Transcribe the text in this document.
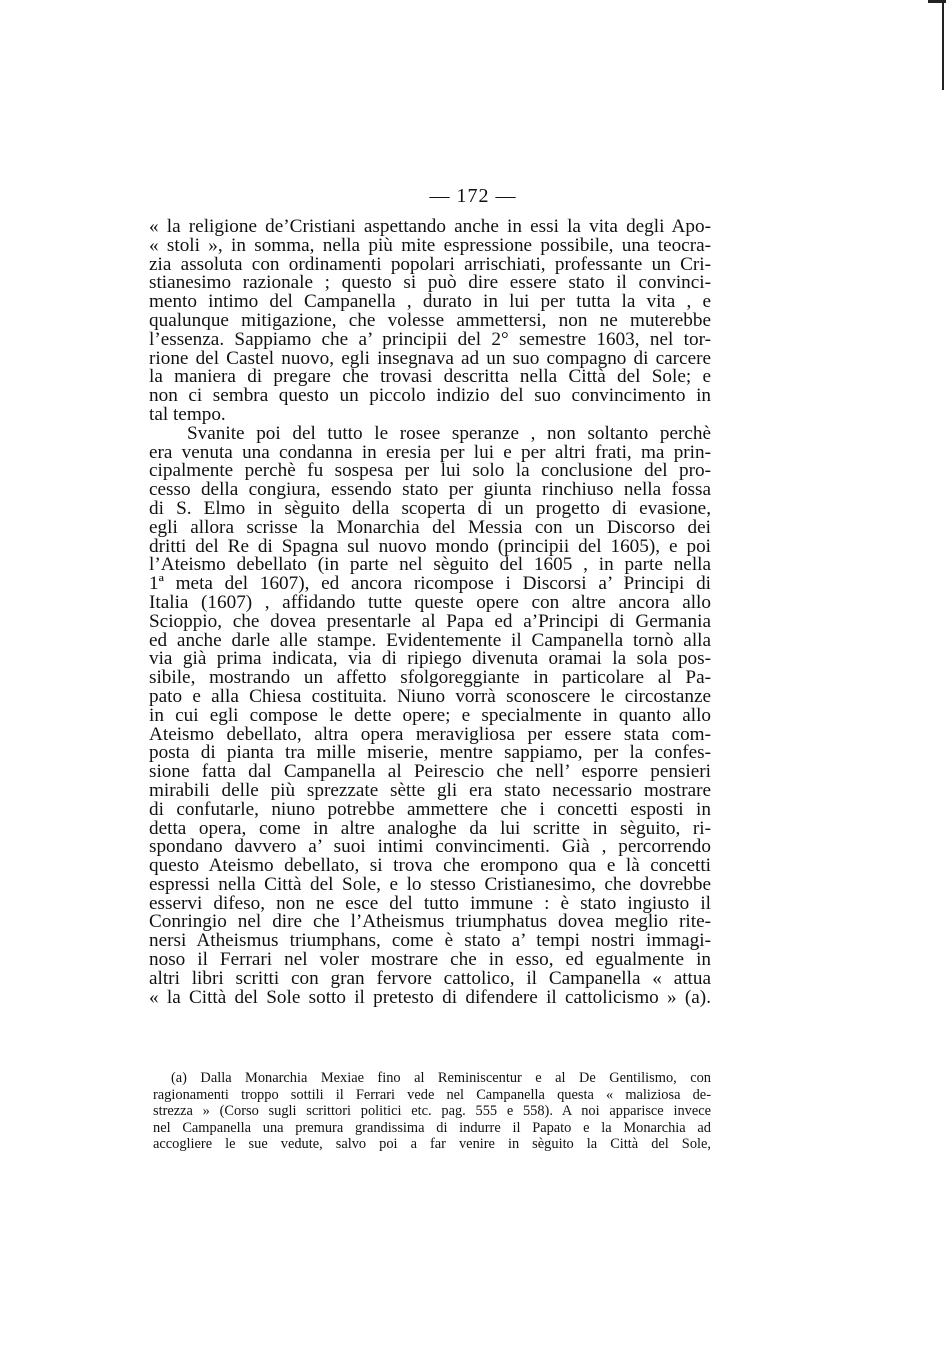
— 172 —
« la religione de’Cristiani aspettando anche in essi la vita degli Apo-
« stoli », in somma, nella più mite espressione possibile, una teocra-
zia assoluta con ordinamenti popolari arrischiati, professante un Cri-
stianesimo razionale ; questo si può dire essere stato il convinci-
mento intimo del Campanella , durato in lui per tutta la vita , e
qualunque mitigazione, che volesse ammettersi, non ne muterebbe
l’essenza. Sappiamo che a’ principii del 2° semestre 1603, nel tor-
rione del Castel nuovo, egli insegnava ad un suo compagno di carcere
la maniera di pregare che trovasi descritta nella Città del Sole; e
non ci sembra questo un piccolo indizio del suo convincimento in
tal tempo.
Svanite poi del tutto le rosee speranze , non soltanto perchè
era venuta una condanna in eresia per lui e per altri frati, ma prin-
cipalmente perchè fu sospesa per lui solo la conclusione del pro-
cesso della congiura, essendo stato per giunta rinchiuso nella fossa
di S. Elmo in sèguito della scoperta di un progetto di evasione,
egli allora scrisse la Monarchia del Messia con un Discorso dei
dritti del Re di Spagna sul nuovo mondo (principii del 1605), e poi
l’Ateismo debellato (in parte nel sèguito del 1605 , in parte nella
1ª meta del 1607), ed ancora ricompose i Discorsi a’ Principi di
Italia (1607) , affidando tutte queste opere con altre ancora allo
Scioppio, che dovea presentarle al Papa ed a’Principi di Germania
ed anche darle alle stampe. Evidentemente il Campanella tornò alla
via già prima indicata, via di ripiego divenuta oramai la sola pos-
sibile, mostrando un affetto sfolgoreggiante in particolare al Pa-
pato e alla Chiesa costituita. Niuno vorrà sconoscere le circostanze
in cui egli compose le dette opere; e specialmente in quanto allo
Ateismo debellato, altra opera meravigliosa per essere stata com-
posta di pianta tra mille miserie, mentre sappiamo, per la confes-
sione fatta dal Campanella al Peirescio che nell’ esporre pensieri
mirabili delle più sprezzate sètte gli era stato necessario mostrare
di confutarle, niuno potrebbe ammettere che i concetti esposti in
detta opera, come in altre analoghe da lui scritte in sèguito, ri-
spondano davvero a’ suoi intimi convincimenti. Già , percorrendo
questo Ateismo debellato, si trova che erompono qua e là concetti
espressi nella Città del Sole, e lo stesso Cristianesimo, che dovrebbe
esservi difeso, non ne esce del tutto immune : è stato ingiusto il
Conringio nel dire che l’Atheismus triumphatus dovea meglio rite-
nersi Atheismus triumphans, come è stato a’ tempi nostri immagi-
noso il Ferrari nel voler mostrare che in esso, ed egualmente in
altri libri scritti con gran fervore cattolico, il Campanella « attua
« la Città del Sole sotto il pretesto di difendere il cattolicismo » (a).
(a) Dalla Monarchia Mexiae fino al Reminiscentur e al De Gentilismo, con
ragionamenti troppo sottili il Ferrari vede nel Campanella questa « maliziosa de-
strezza » (Corso sugli scrittori politici etc. pag. 555 e 558). A noi apparisce invece
nel Campanella una premura grandissima di indurre il Papato e la Monarchia ad
accogliere le sue vedute, salvo poi a far venire in sèguito la Città del Sole,
